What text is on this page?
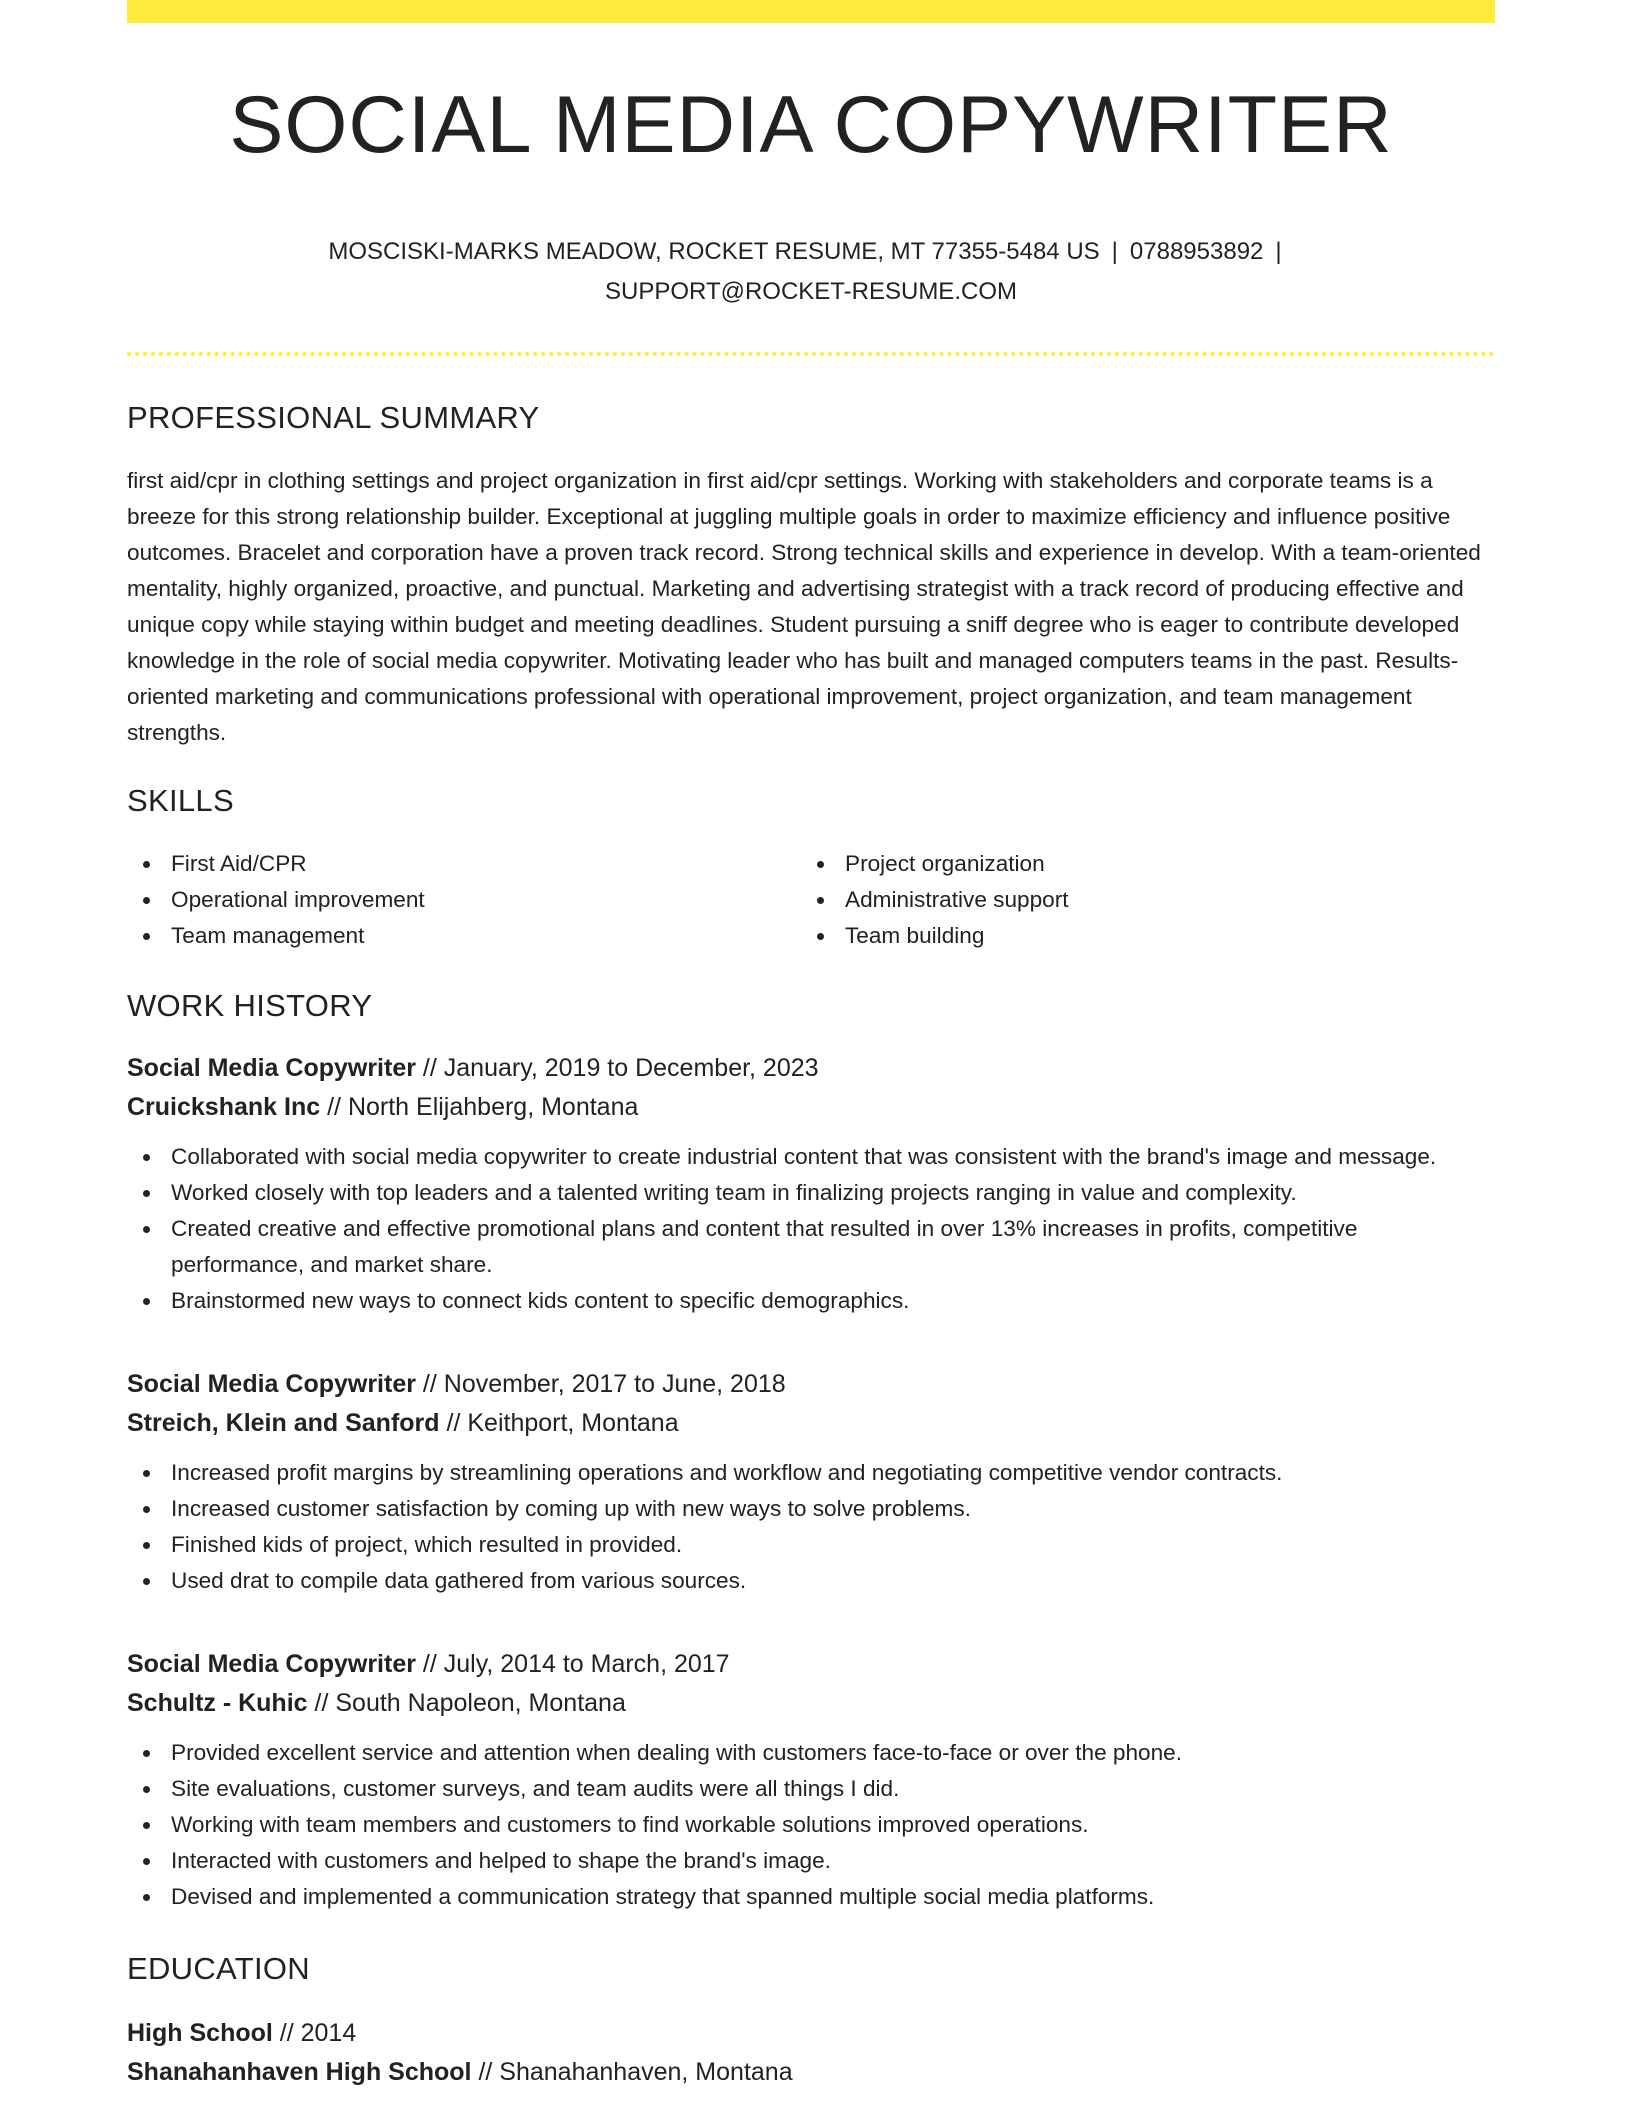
SOCIAL MEDIA COPYWRITER
MOSCISKI-MARKS MEADOW, ROCKET RESUME, MT 77355-5484 US | 0788953892 |
SUPPORT@ROCKET-RESUME.COM
PROFESSIONAL SUMMARY

first aid/cpr in clothing settings and project organization in first aid/cpr settings. Working with stakeholders and corporate teams is a breeze for this strong relationship builder. Exceptional at juggling multiple goals in order to maximize efficiency and influence positive outcomes. Bracelet and corporation have a proven track record. Strong technical skills and experience in develop. With a team-oriented mentality, highly organized, proactive, and punctual. Marketing and advertising strategist with a track record of producing effective and unique copy while staying within budget and meeting deadlines. Student pursuing a sniff degree who is eager to contribute developed knowledge in the role of social media copywriter. Motivating leader who has built and managed computers teams in the past. Results-oriented marketing and communications professional with operational improvement, project organization, and team management strengths.

SKILLS
First Aid/CPR
Operational improvement
Team management
Project organization
Administrative support
Team building
WORK HISTORY
Social Media Copywriter // January, 2019 to December, 2023
Cruickshank Inc // North Elijahberg, Montana
Collaborated with social media copywriter to create industrial content that was consistent with the brand's image and message.
Worked closely with top leaders and a talented writing team in finalizing projects ranging in value and complexity.
Created creative and effective promotional plans and content that resulted in over 13% increases in profits, competitive performance, and market share.
Brainstormed new ways to connect kids content to specific demographics.
Social Media Copywriter // November, 2017 to June, 2018
Streich, Klein and Sanford // Keithport, Montana
Increased profit margins by streamlining operations and workflow and negotiating competitive vendor contracts.
Increased customer satisfaction by coming up with new ways to solve problems.
Finished kids of project, which resulted in provided.
Used drat to compile data gathered from various sources.
Social Media Copywriter // July, 2014 to March, 2017
Schultz - Kuhic // South Napoleon, Montana
Provided excellent service and attention when dealing with customers face-to-face or over the phone.
Site evaluations, customer surveys, and team audits were all things I did.
Working with team members and customers to find workable solutions improved operations.
Interacted with customers and helped to shape the brand's image.
Devised and implemented a communication strategy that spanned multiple social media platforms.
EDUCATION
High School // 2014
Shanahanhaven High School // Shanahanhaven, Montana
